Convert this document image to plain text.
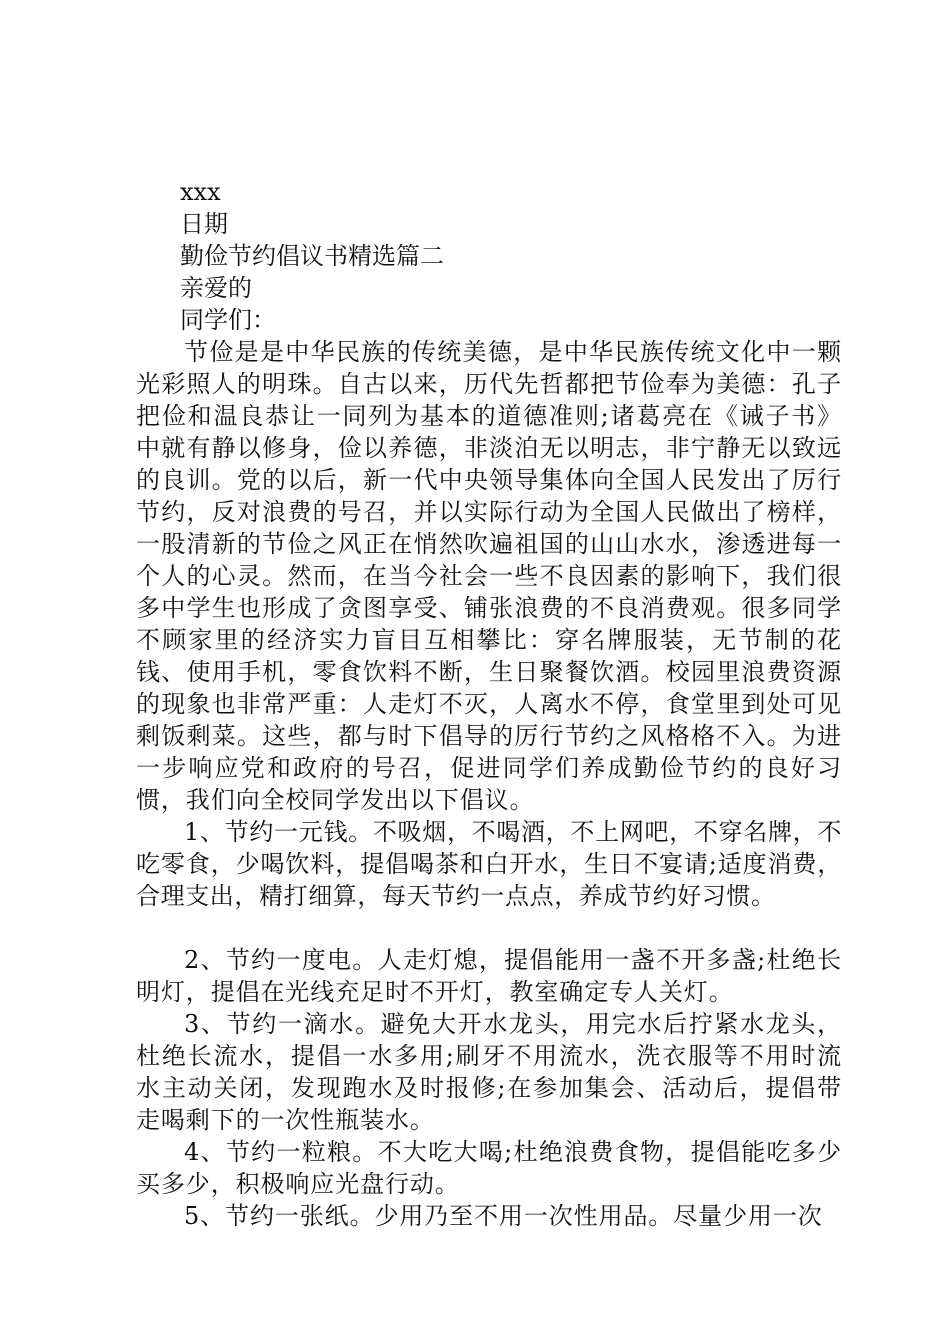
xxx
日期
勤俭节约倡议书精选篇二
亲爱的
同学们：

节俭是是中华民族的传统美德，是中华民族传统文化中一颗光彩照人的明珠。自古以来，历代先哲都把节俭奉为美德：孔子把俭和温良恭让一同列为基本的道德准则;诸葛亮在《诫子书》中就有静以修身，俭以养德，非淡泊无以明志，非宁静无以致远的良训。党的以后，新一代中央领导集体向全国人民发出了厉行节约，反对浪费的号召，并以实际行动为全国人民做出了榜样，一股清新的节俭之风正在悄然吹遍祖国的山山水水，渗透进每一个人的心灵。然而，在当今社会一些不良因素的影响下，我们很多中学生也形成了贪图享受、铺张浪费的不良消费观。很多同学不顾家里的经济实力盲目互相攀比：穿名牌服装，无节制的花钱、使用手机，零食饮料不断，生日聚餐饮酒。校园里浪费资源的现象也非常严重：人走灯不灭，人离水不停，食堂里到处可见剩饭剩菜。这些，都与时下倡导的厉行节约之风格格不入。为进一步响应党和政府的号召，促进同学们养成勤俭节约的良好习惯，我们向全校同学发出以下倡议。

1、节约一元钱。不吸烟，不喝酒，不上网吧，不穿名牌，不吃零食，少喝饮料，提倡喝茶和白开水，生日不宴请;适度消费，合理支出，精打细算，每天节约一点点，养成节约好习惯。

2、节约一度电。人走灯熄，提倡能用一盏不开多盏;杜绝长明灯，提倡在光线充足时不开灯，教室确定专人关灯。

3、节约一滴水。避免大开水龙头，用完水后拧紧水龙头，杜绝长流水，提倡一水多用;刷牙不用流水，洗衣服等不用时流水主动关闭，发现跑水及时报修;在参加集会、活动后，提倡带走喝剩下的一次性瓶装水。

4、节约一粒粮。不大吃大喝;杜绝浪费食物，提倡能吃多少买多少，积极响应光盘行动。

5、节约一张纸。少用乃至不用一次性用品。尽量少用一次
